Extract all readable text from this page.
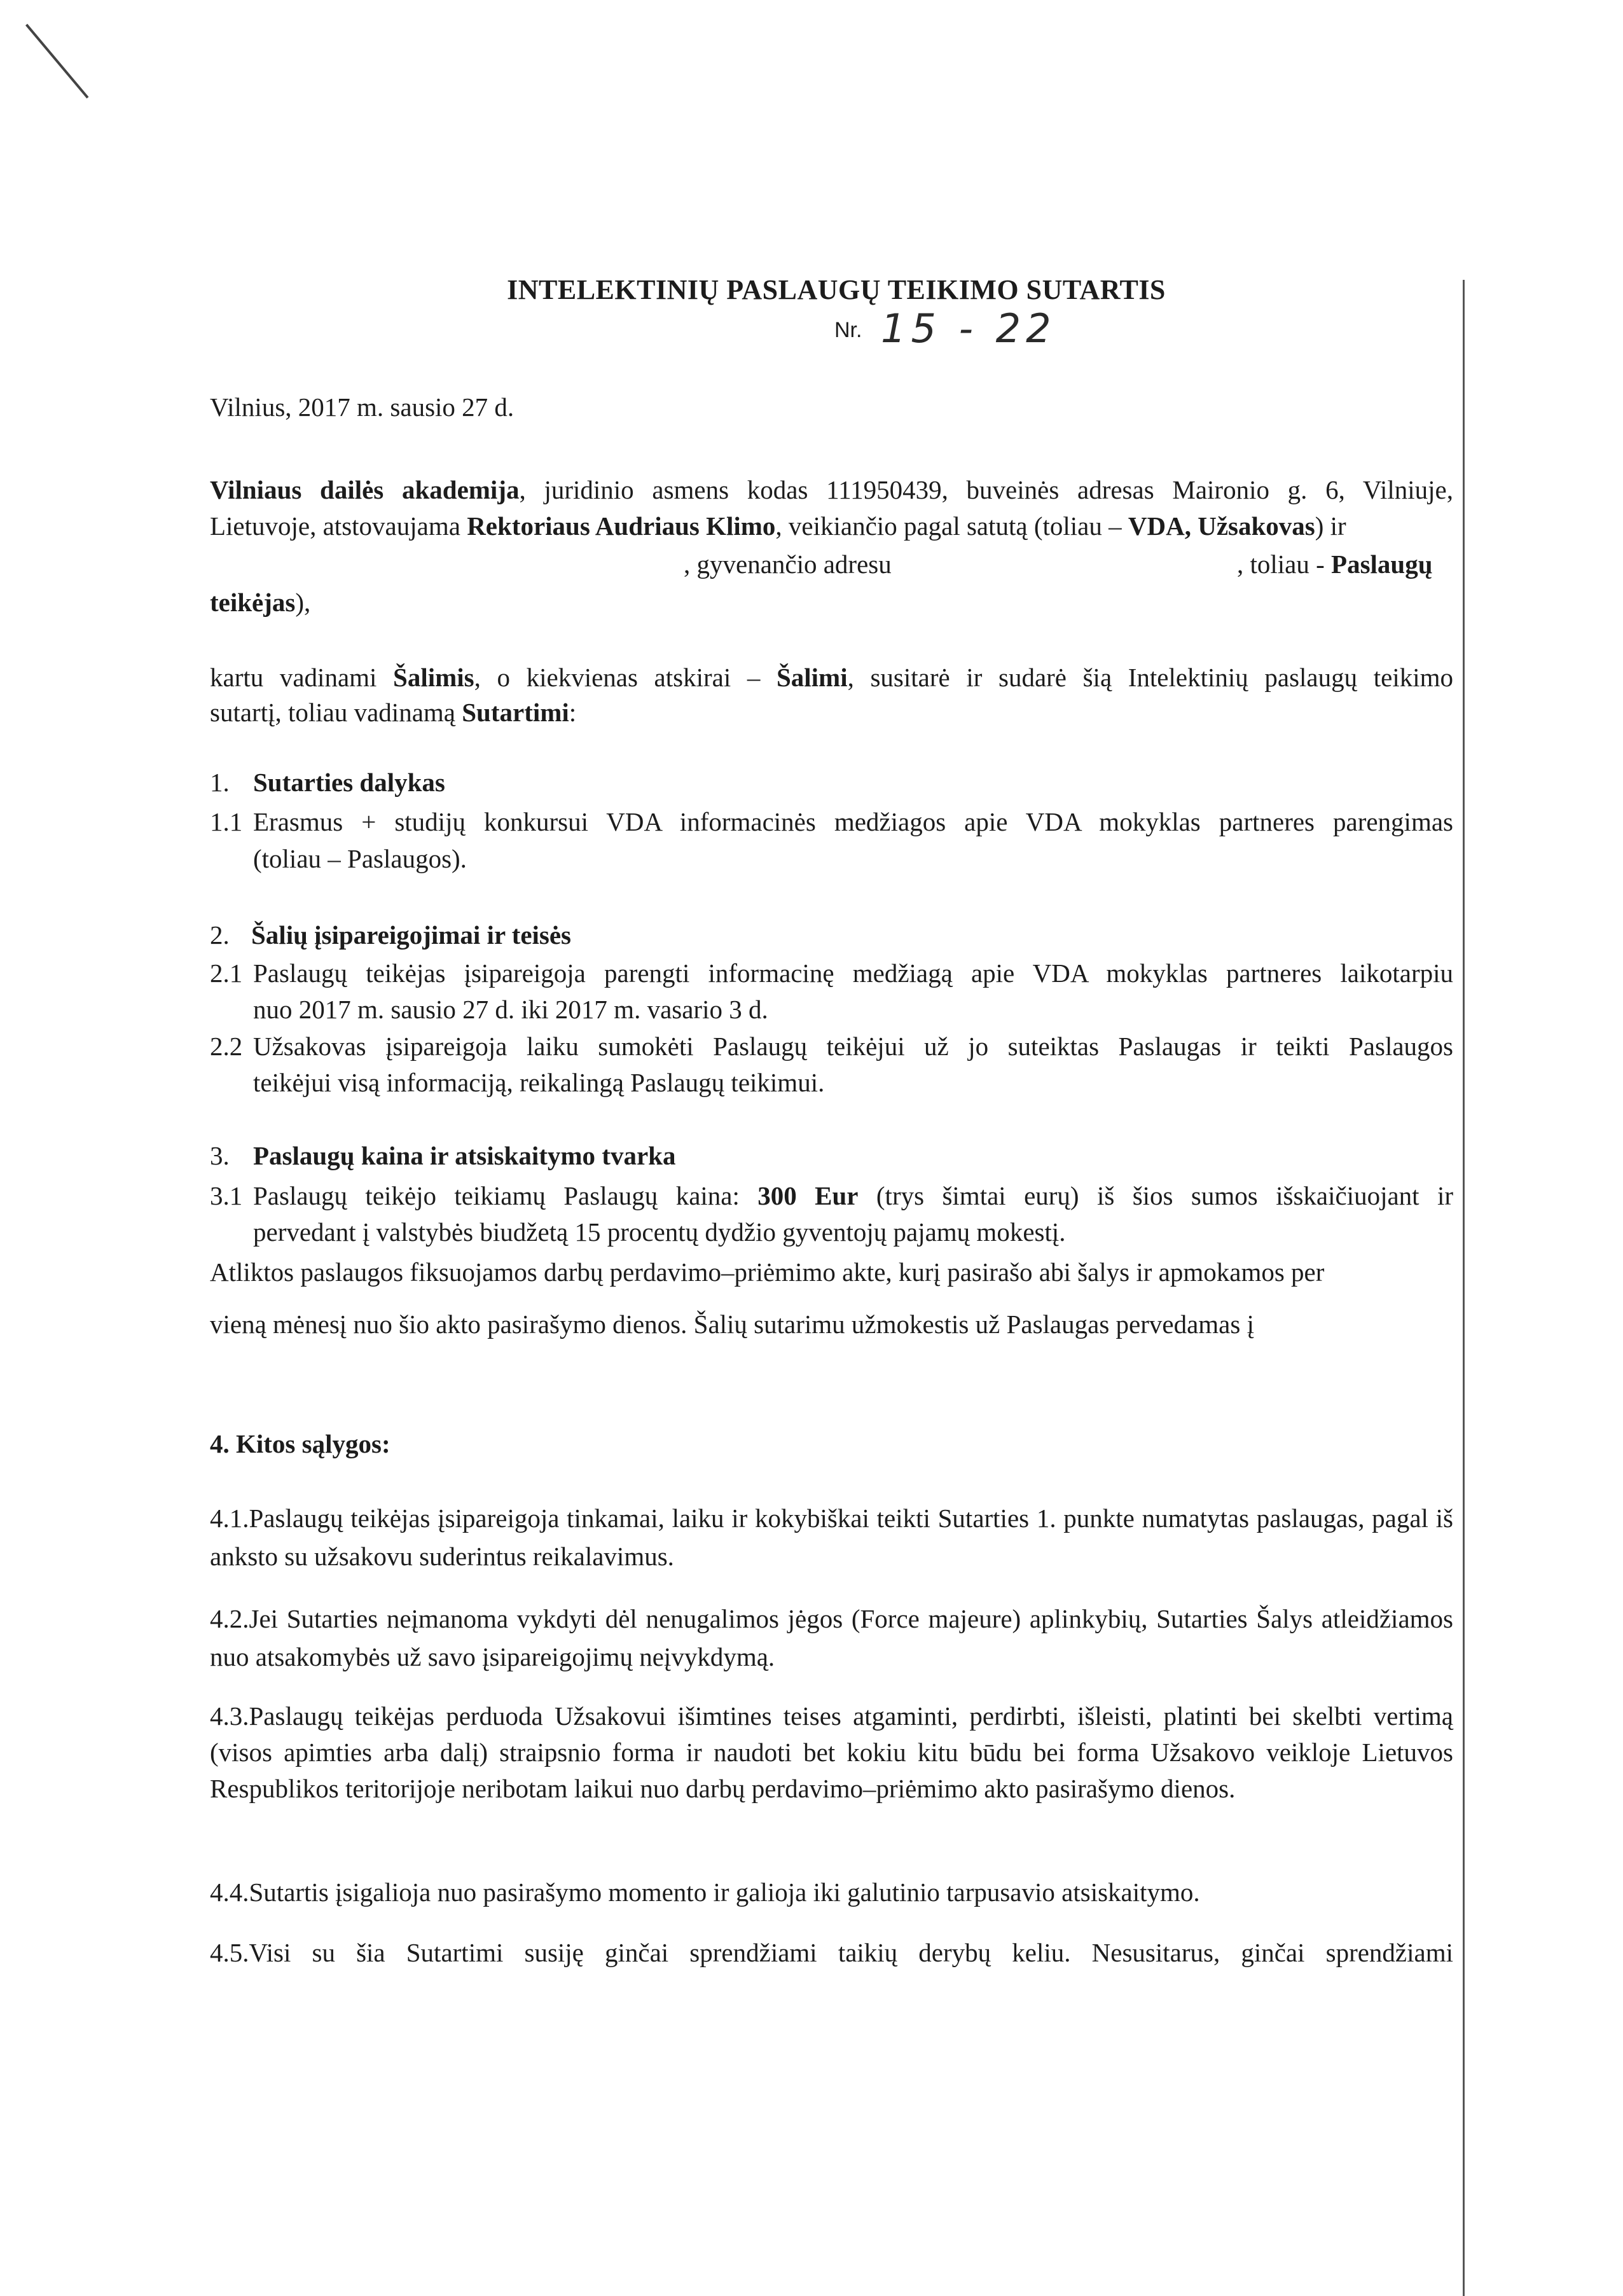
INTELEKTINIŲ PASLAUGŲ TEIKIMO SUTARTIS
Nr. 15 - 22
Vilnius, 2017 m. sausio 27 d.
Vilniaus dailės akademija, juridinio asmens kodas 111950439, buveinės adresas Maironio g. 6, Vilniuje,
Lietuvoje, atstovaujama Rektoriaus Audriaus Klimo, veikiančio pagal satutą (toliau – VDA, Užsakovas) ir
, gyvenančio adresu	, toliau - Paslaugų
teikėjas),
kartu vadinami Šalimis, o kiekvienas atskirai – Šalimi, susitarė ir sudarė šią Intelektinių paslaugų teikimo
sutartį, toliau vadinamą Sutartimi:
1. Sutarties dalykas
1.1 Erasmus + studijų konkursui VDA informacinės medžiagos apie VDA mokyklas partneres parengimas
(toliau – Paslaugos).
2. Šalių įsipareigojimai ir teisės
2.1 Paslaugų teikėjas įsipareigoja parengti informacinę medžiagą apie VDA mokyklas partneres laikotarpiu
nuo 2017 m. sausio 27 d. iki 2017 m. vasario 3 d.
2.2 Užsakovas įsipareigoja laiku sumokėti Paslaugų teikėjui už jo suteiktas Paslaugas ir teikti Paslaugos
teikėjui visą informaciją, reikalingą Paslaugų teikimui.
3. Paslaugų kaina ir atsiskaitymo tvarka
3.1 Paslaugų teikėjo teikiamų Paslaugų kaina: 300 Eur (trys šimtai eurų) iš šios sumos išskaičiuojant ir
pervedant į valstybės biudžetą 15 procentų dydžio gyventojų pajamų mokestį.
Atliktos paslaugos fiksuojamos darbų perdavimo–priėmimo akte, kurį pasirašo abi šalys ir apmokamos per
vieną mėnesį nuo šio akto pasirašymo dienos. Šalių sutarimu užmokestis už Paslaugas pervedamas į
4. Kitos sąlygos:
4.1.Paslaugų teikėjas įsipareigoja tinkamai, laiku ir kokybiškai teikti Sutarties 1. punkte numatytas paslaugas, pagal iš anksto su užsakovu suderintus reikalavimus.
4.2.Jei Sutarties neįmanoma vykdyti dėl nenugalimos jėgos (Force majeure) aplinkybių, Sutarties Šalys atleidžiamos nuo atsakomybės už savo įsipareigojimų neįvykdymą.
4.3.Paslaugų teikėjas perduoda Užsakovui išimtines teises atgaminti, perdirbti, išleisti, platinti bei skelbti vertimą (visos apimties arba dalį) straipsnio forma ir naudoti bet kokiu kitu būdu bei forma Užsakovo veikloje Lietuvos Respublikos teritorijoje neribotam laikui nuo darbų perdavimo–priėmimo akto pasirašymo dienos.
4.4.Sutartis įsigalioja nuo pasirašymo momento ir galioja iki galutinio tarpusavio atsiskaitymo.
4.5.Visi su šia Sutartimi susiję ginčai sprendžiami taikių derybų keliu. Nesusitarus, ginčai sprendžiami
